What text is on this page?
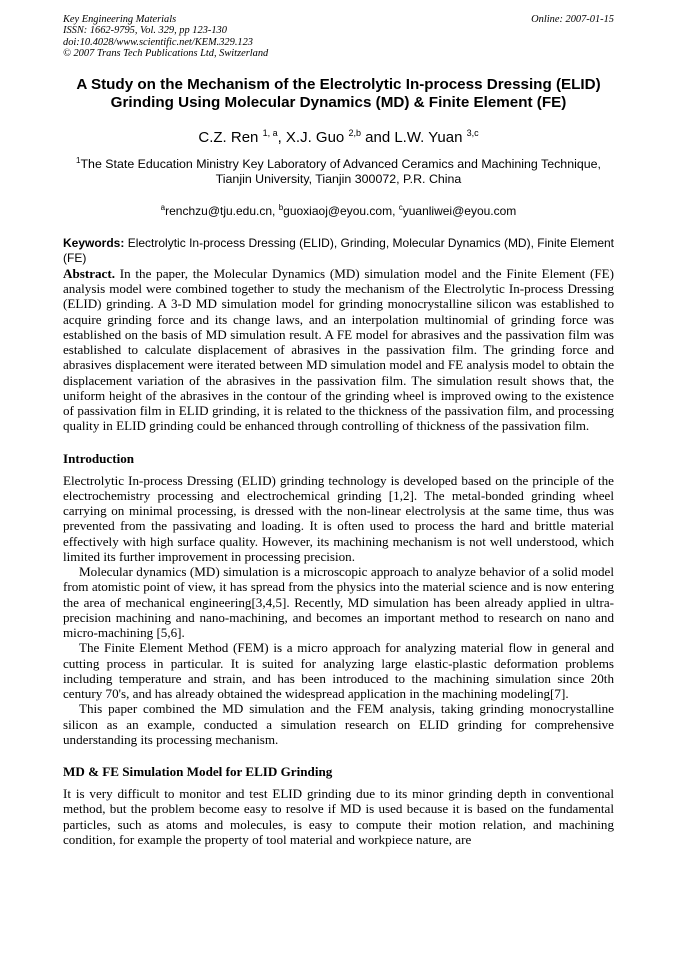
Key Engineering Materials	Online: 2007-01-15
ISSN: 1662-9795, Vol. 329, pp 123-130
doi:10.4028/www.scientific.net/KEM.329.123
© 2007 Trans Tech Publications Ltd, Switzerland
A Study on the Mechanism of the Electrolytic In-process Dressing (ELID)
Grinding Using Molecular Dynamics (MD) & Finite Element (FE)
C.Z. Ren $^{1, a}$, X.J. Guo $^{2,b}$ and L.W. Yuan $^{3,c}$
$^1$The State Education Ministry Key Laboratory of Advanced Ceramics and Machining Technique,
Tianjin University, Tianjin 300072, P.R. China
$^a$renchzu@tju.edu.cn, $^b$guoxiaoj@eyou.com, $^c$yuanliwei@eyou.com
Keywords: Electrolytic In-process Dressing (ELID), Grinding, Molecular Dynamics (MD), Finite Element (FE)
Abstract. In the paper, the Molecular Dynamics (MD) simulation model and the Finite Element (FE) analysis model were combined together to study the mechanism of the Electrolytic In-process Dressing (ELID) grinding. A 3-D MD simulation model for grinding monocrystalline silicon was established to acquire grinding force and its change laws, and an interpolation multinomial of grinding force was established on the basis of MD simulation result. A FE model for abrasives and the passivation film was established to calculate displacement of abrasives in the passivation film. The grinding force and abrasives displacement were iterated between MD simulation model and FE analysis model to obtain the displacement variation of the abrasives in the passivation film. The simulation result shows that, the uniform height of the abrasives in the contour of the grinding wheel is improved owing to the existence of passivation film in ELID grinding, it is related to the thickness of the passivation film, and processing quality in ELID grinding could be enhanced through controlling of thickness of the passivation film.
Introduction
Electrolytic In-process Dressing (ELID) grinding technology is developed based on the principle of the electrochemistry processing and electrochemical grinding [1,2]. The metal-bonded grinding wheel carrying on minimal processing, is dressed with the non-linear electrolysis at the same time, thus was prevented from the passivating and loading. It is often used to process the hard and brittle material effectively with high surface quality. However, its machining mechanism is not well understood, which limited its further improvement in processing precision.
Molecular dynamics (MD) simulation is a microscopic approach to analyze behavior of a solid model from atomistic point of view, it has spread from the physics into the material science and is now entering the area of mechanical engineering[3,4,5]. Recently, MD simulation has been already applied in ultra-precision machining and nano-machining, and becomes an important method to research on nano and micro-machining [5,6].
The Finite Element Method (FEM) is a micro approach for analyzing material flow in general and cutting process in particular. It is suited for analyzing large elastic-plastic deformation problems including temperature and strain, and has been introduced to the machining simulation since 20th century 70's, and has already obtained the widespread application in the machining modeling[7].
This paper combined the MD simulation and the FEM analysis, taking grinding monocrystalline silicon as an example, conducted a simulation research on ELID grinding for comprehensive understanding its processing mechanism.
MD & FE Simulation Model for ELID Grinding
It is very difficult to monitor and test ELID grinding due to its minor grinding depth in conventional method, but the problem become easy to resolve if MD is used because it is based on the fundamental particles, such as atoms and molecules, is easy to compute their motion relation, and machining condition, for example the property of tool material and workpiece nature, are
